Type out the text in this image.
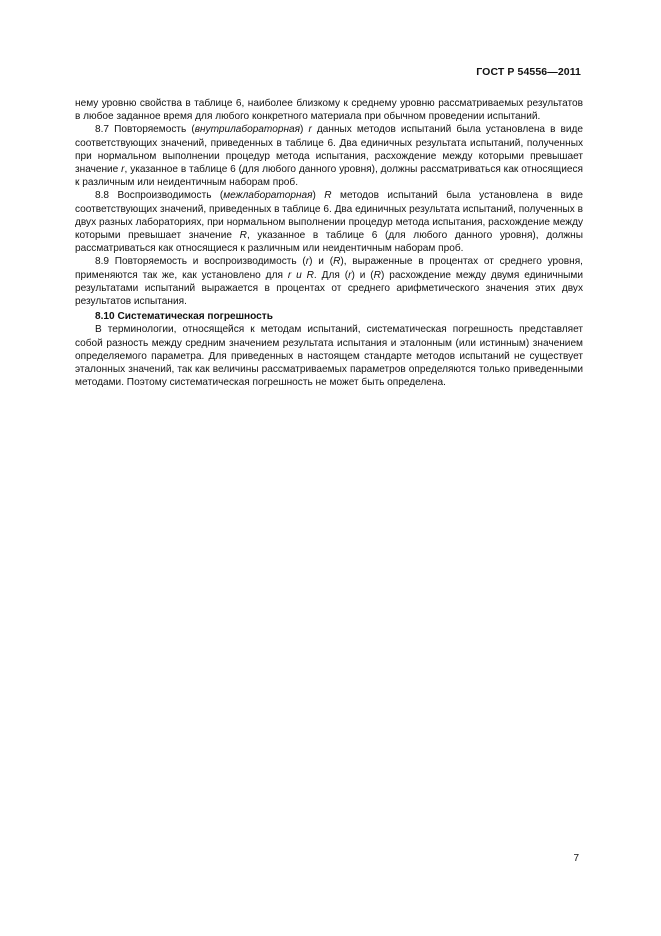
ГОСТ Р 54556—2011

нему уровню свойства в таблице 6, наиболее близкому к среднему уровню рассматриваемых результатов в любое заданное время для любого конкретного материала при обычном проведении испытаний.

8.7 Повторяемость (внутрилабораторная) r данных методов испытаний была установлена в виде соответствующих значений, приведенных в таблице 6. Два единичных результата испытаний, полученных при нормальном выполнении процедур метода испытания, расхождение между которыми превышает значение r, указанное в таблице 6 (для любого данного уровня), должны рассматриваться как относящиеся к различным или неидентичным наборам проб.

8.8 Воспроизводимость (межлабораторная) R методов испытаний была установлена в виде соответствующих значений, приведенных в таблице 6. Два единичных результата испытаний, полученных в двух разных лабораториях, при нормальном выполнении процедур метода испытания, расхождение между которыми превышает значение R, указанное в таблице 6 (для любого данного уровня), должны рассматриваться как относящиеся к различным или неидентичным наборам проб.

8.9 Повторяемость и воспроизводимость (r) и (R), выраженные в процентах от среднего уровня, применяются так же, как установлено для r и R. Для (r) и (R) расхождение между двумя единичными результатами испытаний выражается в процентах от среднего арифметического значения этих двух результатов испытания.

8.10 Систематическая погрешность

В терминологии, относящейся к методам испытаний, систематическая погрешность представляет собой разность между средним значением результата испытания и эталонным (или истинным) значением определяемого параметра. Для приведенных в настоящем стандарте методов испытаний не существует эталонных значений, так как величины рассматриваемых параметров определяются только приведенными методами. Поэтому систематическая погрешность не может быть определена.

7
